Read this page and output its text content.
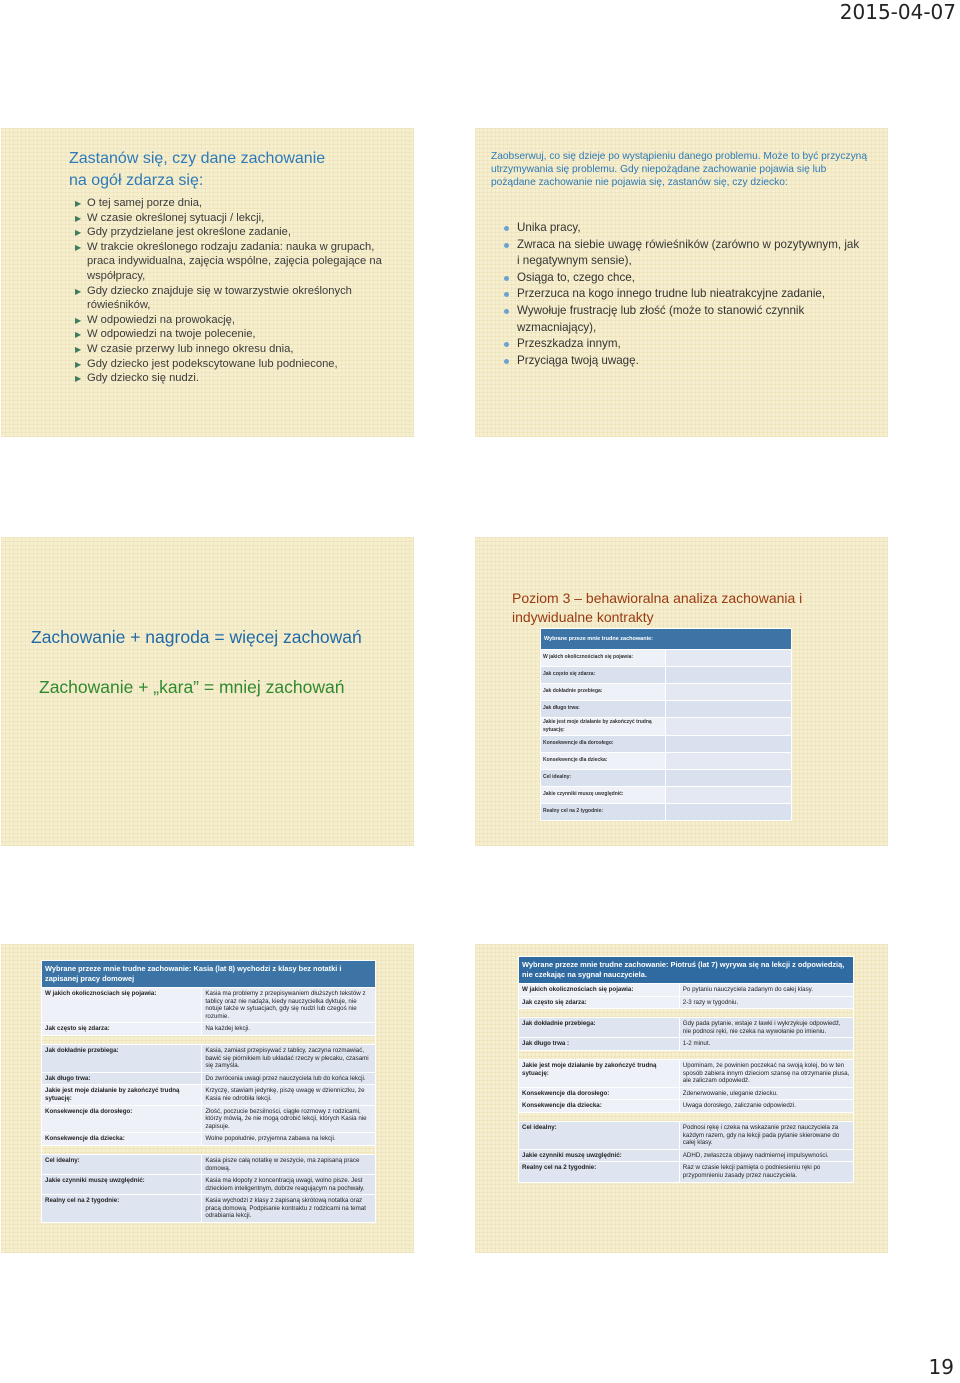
2015-04-07
Zastanów się, czy dane zachowanie
na ogół zdarza się:
▶ O tej samej porze dnia,
▶ W czasie określonej sytuacji / lekcji,
▶ Gdy przydzielane jest określone zadanie,
▶ W trakcie określonego rodzaju zadania: nauka w grupach, praca indywidualna, zajęcia wspólne, zajęcia polegające na współpracy,
▶ Gdy dziecko znajduje się w towarzystwie określonych rówieśników,
▶ W odpowiedzi na prowokację,
▶ W odpowiedzi na twoje polecenie,
▶ W czasie przerwy lub innego okresu dnia,
▶ Gdy dziecko jest podekscytowane lub podniecone,
▶ Gdy dziecko się nudzi.
Zaobserwuj, co się dzieje po wystąpieniu danego problemu. Może to być przyczyną utrzymywania się problemu. Gdy niepożądane zachowanie pojawia się lub pożądane zachowanie nie pojawia się, zastanów się, czy dziecko:
Unika pracy,
Zwraca na siebie uwagę rówieśników (zarówno w pozytywnym, jak i negatywnym sensie),
Osiąga to, czego chce,
Przerzuca na kogo innego trudne lub nieatrakcyjne zadanie,
Wywołuje frustrację lub złość (może to stanowić czynnik wzmacniający),
Przeszkadza innym,
Przyciąga twoją uwagę.
Zachowanie + nagroda = więcej zachowań
Zachowanie + „kara” = mniej zachowań
Poziom 3 – behawioralna analiza zachowania i indywidualne kontrakty
Wybrane przeze mnie trudne zachowanie:	
W jakich okolicznościach się pojawia:	
Jak często się zdarza:	
Jak dokładnie przebiega:	
Jak długo trwa:	
Jakie jest moje działanie by zakończyć trudną sytuację:	
Konsekwencje dla dorosłego:	
Konsekwencje dla dziecka:	
Cel idealny:	
Jakie czynniki muszę uwzględnić:	
Realny cel na 2 tygodnie:	
Wybrane przeze mnie trudne zachowanie: Kasia (lat 8) wychodzi z klasy bez notatki i zapisanej pracy domowej	
W jakich okolicznościach się pojawia:	Kasia ma problemy z przepisywaniem dłuższych tekstów z tablicy oraz nie nadąża, kiedy nauczycielka dyktuje, nie notuje także w sytuacjach, gdy się nudzi lub czegoś nie rozumie.
Jak często się zdarza:	Na każdej lekcji.

Jak dokładnie przebiega:	Kasia, zamiast przepisywać z tablicy, zaczyna rozmawiać, bawić się piórnikiem lub układać rzeczy w plecaku, czasami się zamyśla.
Jak długo trwa:	Do zwrócenia uwagi przez nauczyciela lub do końca lekcji.
Jakie jest moje działanie by zakończyć trudną sytuację:	Krzyczę, stawiam jedynkę, piszę uwagę w dzienniczku, że Kasia nie odrobiła lekcji.
Konsekwencje dla dorosłego:	Złość, poczucie bezsilności, ciągłe rozmowy z rodzicami, którzy mówią, że nie mogą odrobić lekcji, których Kasia nie zapisuje.
Konsekwencje dla dziecka:	Wolne popołudnie, przyjemna zabawa na lekcji.

Cel idealny:	Kasia pisze całą notatkę w zeszycie, ma zapisaną prace domową.
Jakie czynniki muszę uwzględnić:	Kasia ma kłopoty z koncentracją uwagi, wolno pisze. Jest dzieckiem inteligentnym, dobrze reagującym na pochwały.
Realny cel na 2 tygodnie:	Kasia wychodzi z klasy z zapisaną skrótową notatka oraz pracą domową. Podpisanie kontraktu z rodzicami na temat odrabiania lekcji.
Wybrane przeze mnie trudne zachowanie: Piotruś (lat 7) wyrywa się na lekcji z odpowiedzią, nie czekając na sygnał nauczyciela.	
W jakich okolicznościach się pojawia:	Po pytaniu nauczyciela zadanym do całej klasy.
Jak często się zdarza:	2-3 razy w tygodniu.

Jak dokładnie przebiega:	Gdy pada pytanie, wstaje z ławki i wykrzykuje odpowiedź, nie podnosi ręki, nie czeka na wywołanie po imieniu.
Jak długo trwa :	1-2 minut.

Jakie jest moje działanie by zakończyć trudną sytuację:	Upominam, że powinien poczekać na swoją kolej, bo w ten sposób zabiera innym dzieciom szansę na otrzymanie plusa, ale zaliczam odpowiedź.
Konsekwencje dla dorosłego:	Zdenerwowanie, uleganie dziecku.
Konsekwencje dla dziecka:	Uwaga dorosłego, zaliczanie odpowiedzi.

Cel idealny:	Podnosi rękę i czeka na wskazanie przez nauczyciela za każdym razem, gdy na lekcji pada pytanie skierowane do całej klasy.
Jakie czynniki muszę uwzględnić:	ADHD, zwłaszcza objawy nadmiernej impulsywności.
Realny cel na 2 tygodnie:	Raz w czasie lekcji pamięta o podniesieniu ręki po przypomnieniu zasady przez nauczyciela.
19
